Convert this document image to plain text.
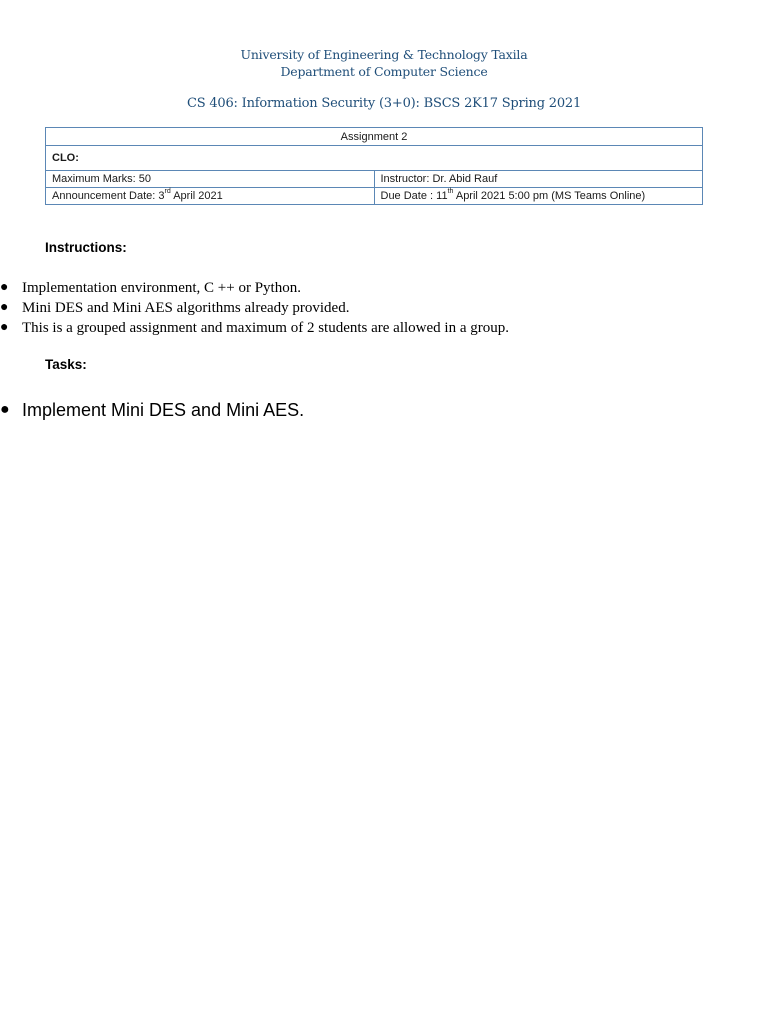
University of Engineering & Technology Taxila
Department of Computer Science
CS 406: Information Security (3+0): BSCS 2K17 Spring 2021
Assignment 2	
CLO:	
Maximum Marks: 50	Instructor: Dr. Abid Rauf
Announcement Date: 3rd April 2021	Due Date : 11th April 2021 5:00 pm (MS Teams Online)
Instructions:
● Implementation environment, C ++ or Python.
● Mini DES and Mini AES algorithms already provided.
● This is a grouped assignment and maximum of 2 students are allowed in a group.
Tasks:
● Implement Mini DES and Mini AES.
